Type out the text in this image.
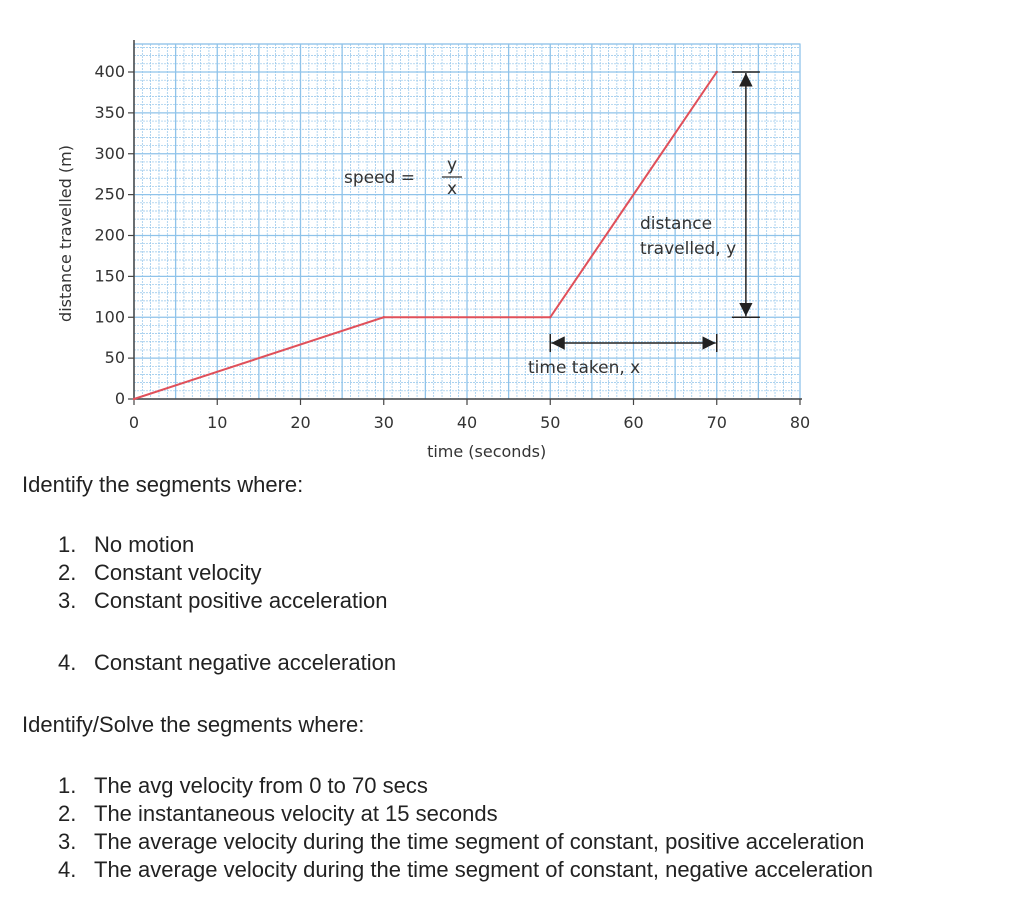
0
50
100
150
200
250
300
350
400
0	10	20	30	40	50	60	70	80
time (seconds)
distance travelled (m)	speed =
y
x
distance
travelled, y
time taken, x
Identify the segments where:
1. No motion
2. Constant velocity
3. Constant positive acceleration
4. Constant negative acceleration
Identify/Solve the segments where:
1. The avg velocity from 0 to 70 secs
2. The instantaneous velocity at 15 seconds
3. The average velocity during the time segment of constant, positive acceleration
4. The average velocity during the time segment of constant, negative acceleration
